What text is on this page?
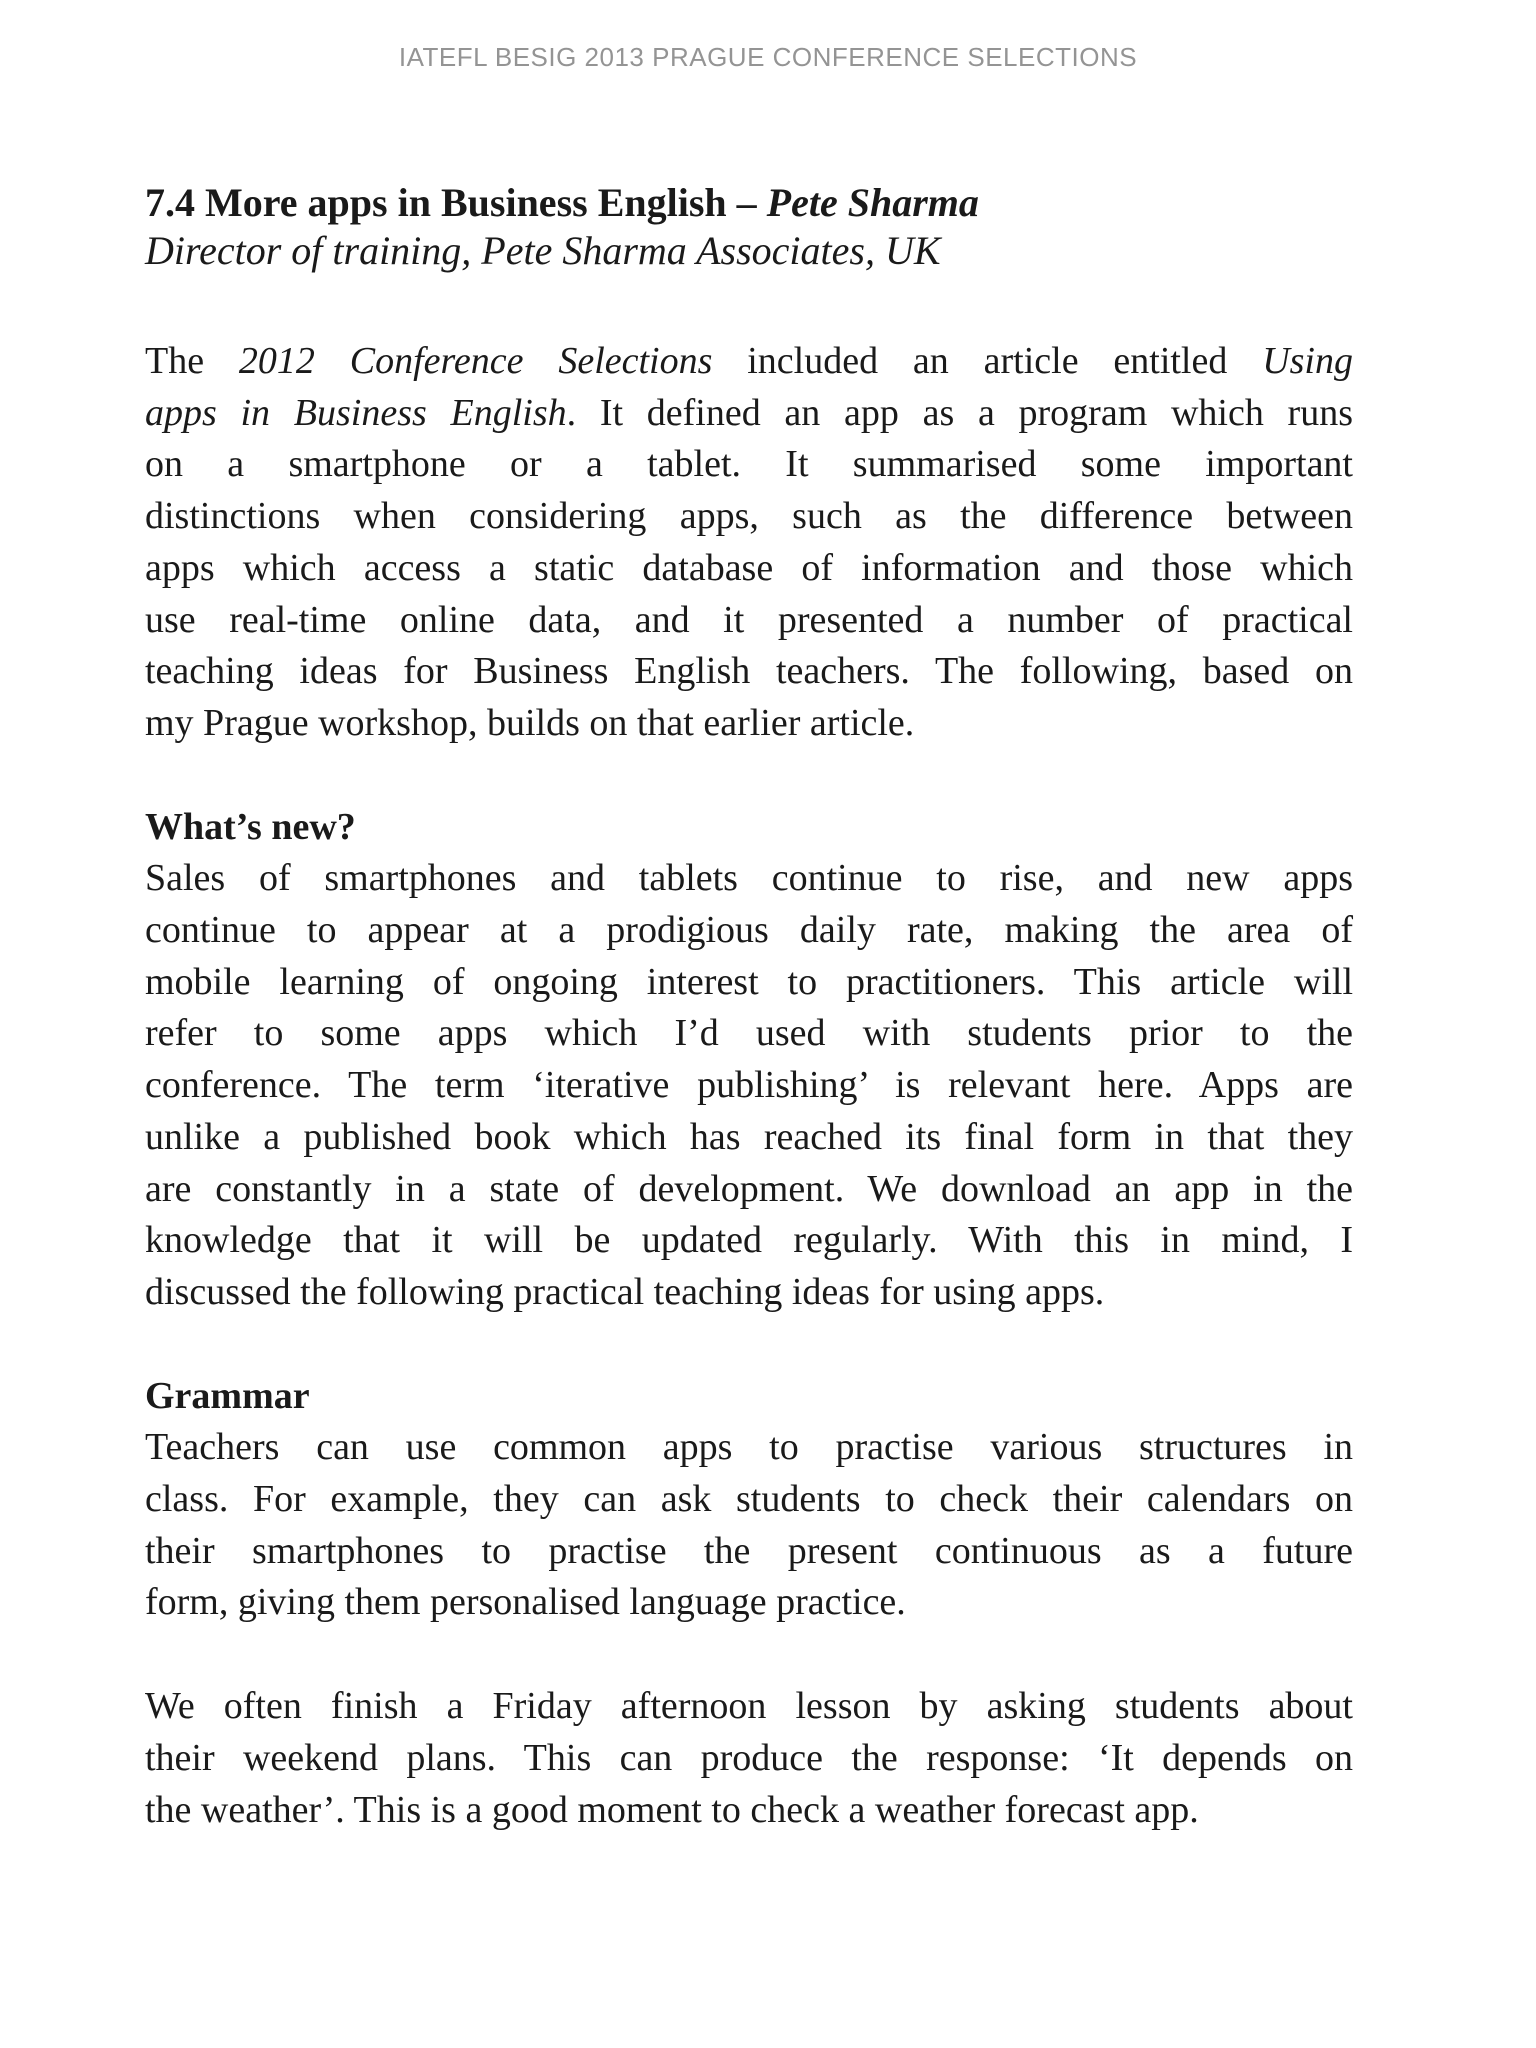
IATEFL BESIG 2013 PRAGUE CONFERENCE SELECTIONS
7.4 More apps in Business English – Pete Sharma
Director of training, Pete Sharma Associates, UK
The 2012 Conference Selections included an article entitled Using
apps in Business English. It defined an app as a program which runs
on a smartphone or a tablet. It summarised some important
distinctions when considering apps, such as the difference between
apps which access a static database of information and those which
use real-time online data, and it presented a number of practical
teaching ideas for Business English teachers. The following, based on
my Prague workshop, builds on that earlier article.
What’s new?
Sales of smartphones and tablets continue to rise, and new apps
continue to appear at a prodigious daily rate, making the area of
mobile learning of ongoing interest to practitioners. This article will
refer to some apps which I’d used with students prior to the
conference. The term ‘iterative publishing’ is relevant here. Apps are
unlike a published book which has reached its final form in that they
are constantly in a state of development. We download an app in the
knowledge that it will be updated regularly. With this in mind, I
discussed the following practical teaching ideas for using apps.
Grammar
Teachers can use common apps to practise various structures in
class. For example, they can ask students to check their calendars on
their smartphones to practise the present continuous as a future
form, giving them personalised language practice.
We often finish a Friday afternoon lesson by asking students about
their weekend plans. This can produce the response: ‘It depends on
the weather’. This is a good moment to check a weather forecast app.
